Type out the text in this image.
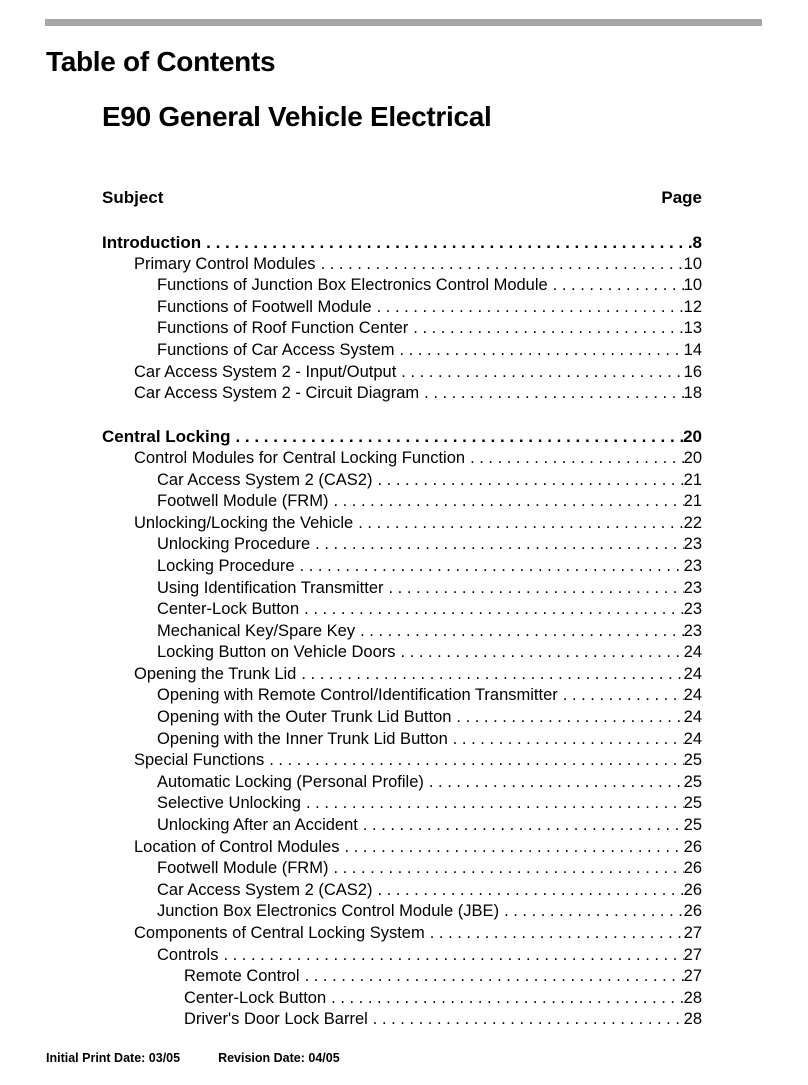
Table of Contents
E90 General Vehicle Electrical
Subject	Page
Introduction . . .	8
Primary Control Modules . . .	10
Functions of Junction Box Electronics Control Module . . .	10
Functions of Footwell Module . . .	12
Functions of Roof Function Center . . .	13
Functions of Car Access System . . .	14
Car Access System 2 - Input/Output . . .	16
Car Access System 2 - Circuit Diagram . . .	18
Central Locking . . .	20
Control Modules for Central Locking Function . . .	20
Car Access System 2 (CAS2) . . .	21
Footwell Module (FRM) . . .	21
Unlocking/Locking the Vehicle . . .	22
Unlocking Procedure . . .	23
Locking Procedure . . .	23
Using Identification Transmitter . . .	23
Center-Lock Button . . .	23
Mechanical Key/Spare Key . . .	23
Locking Button on Vehicle Doors . . .	24
Opening the Trunk Lid . . .	24
Opening with Remote Control/Identification Transmitter . . .	24
Opening with the Outer Trunk Lid Button . . .	24
Opening with the Inner Trunk Lid Button . . .	24
Special Functions . . .	25
Automatic Locking (Personal Profile) . . .	25
Selective Unlocking . . .	25
Unlocking After an Accident . . .	25
Location of Control Modules . . .	26
Footwell Module (FRM) . . .	26
Car Access System 2 (CAS2) . . .	26
Junction Box Electronics Control Module (JBE) . . .	26
Components of Central Locking System . . .	27
Controls . . .	27
Remote Control . . .	27
Center-Lock Button . . .	28
Driver's Door Lock Barrel . . .	28
Initial Print Date: 03/05	Revision Date: 04/05
